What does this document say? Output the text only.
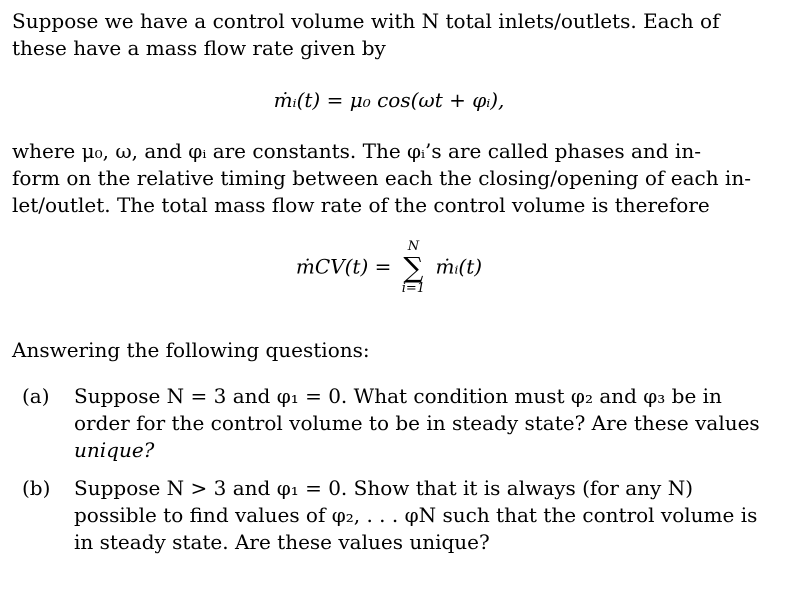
Suppose we have a control volume with N total inlets/outlets. Each of
these have a mass flow rate given by
ṁᵢ(t) = μ₀ cos(ωt + φᵢ),
where μ₀, ω, and φᵢ are constants. The φᵢ’s are called phases and in-
form on the relative timing between each the closing/opening of each in-
let/outlet. The total mass flow rate of the control volume is therefore
ṁCV(t) =
N
∑
i=1
ṁᵢ(t)
Answering the following questions:
(a) Suppose N = 3 and φ₁ = 0. What condition must φ₂ and φ₃ be in
order for the control volume to be in steady state? Are these values
unique?
(b) Suppose N > 3 and φ₁ = 0. Show that it is always (for any N)
possible to find values of φ₂, . . . φN such that the control volume is
in steady state. Are these values unique?
